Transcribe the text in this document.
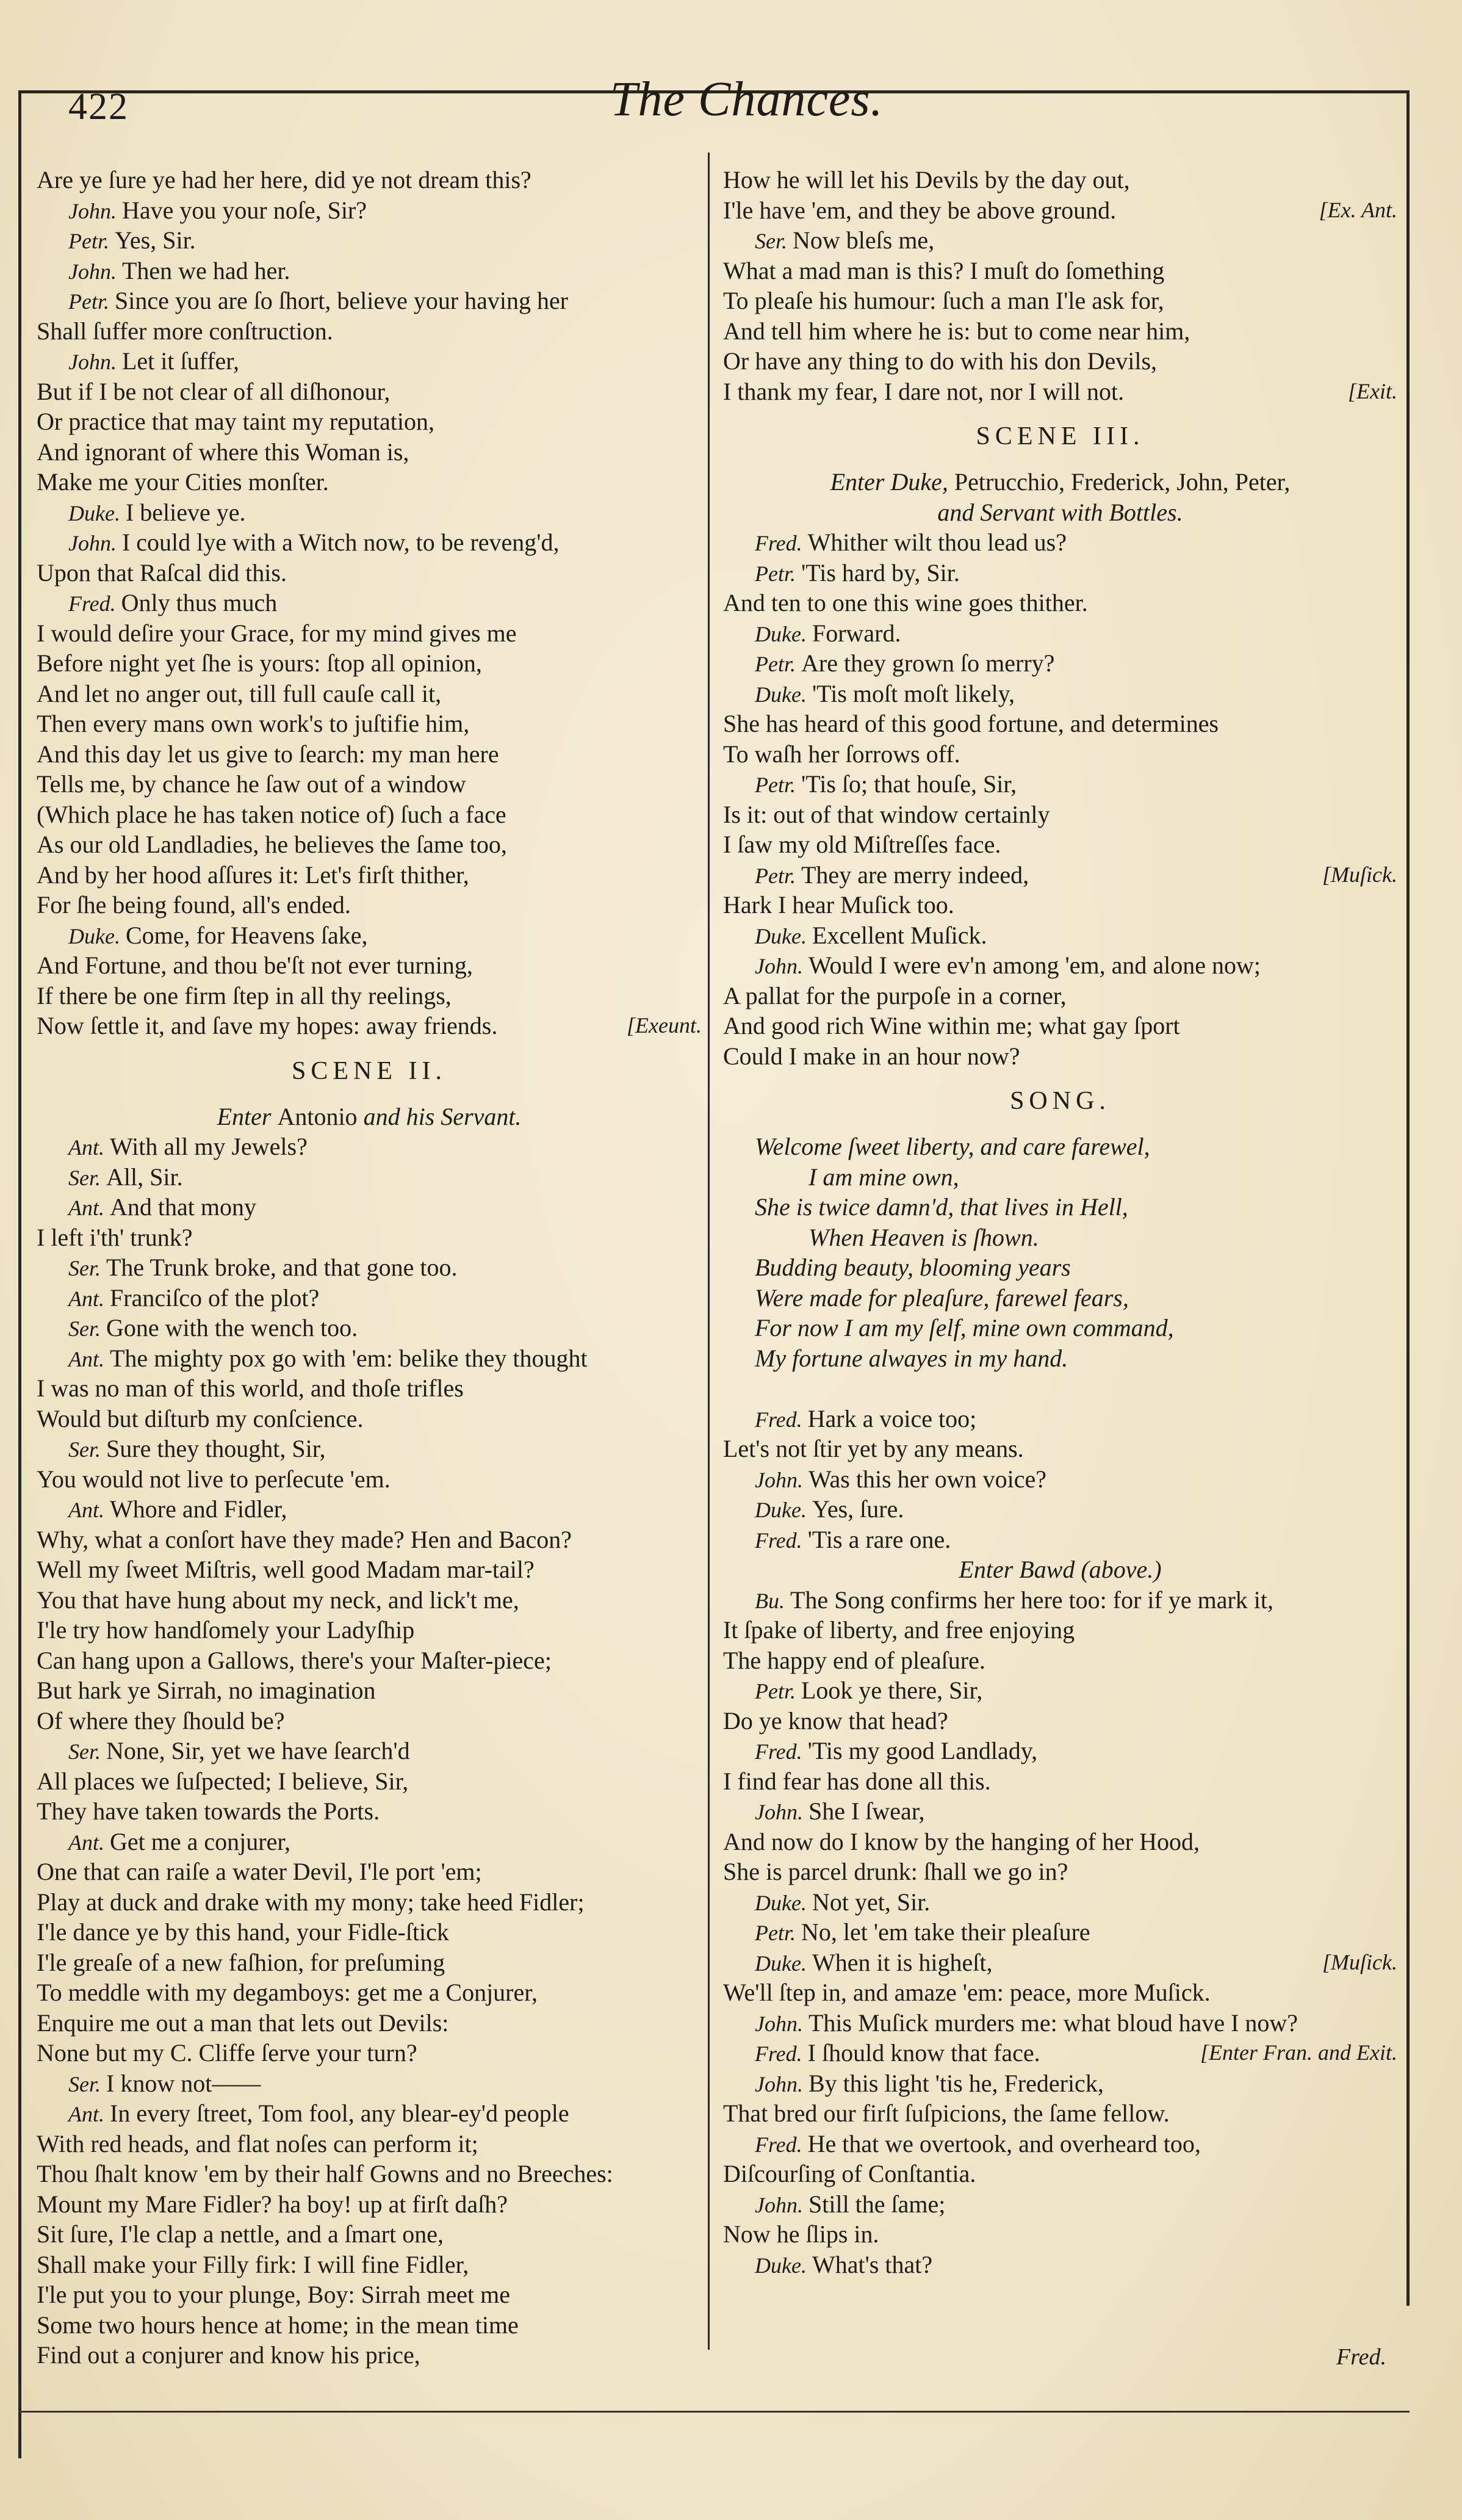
422	The Chances.
Are ye ſure ye had her here, did ye not dream this?
John. Have you your noſe, Sir?
Petr. Yes, Sir.
John. Then we had her.
Petr. Since you are ſo ſhort, believe your having her
Shall ſuffer more conſtruction.
John. Let it ſuffer,
But if I be not clear of all diſhonour,
Or practice that may taint my reputation,
And ignorant of where this Woman is,
Make me your Cities monſter.
Duke. I believe ye.
John. I could lye with a Witch now, to be reveng'd,
Upon that Raſcal did this.
Fred. Only thus much
I would deſire your Grace, for my mind gives me
Before night yet ſhe is yours: ſtop all opinion,
And let no anger out, till full cauſe call it,
Then every mans own work's to juſtifie him,
And this day let us give to ſearch: my man here
Tells me, by chance he ſaw out of a window
(Which place he has taken notice of) ſuch a face
As our old Landladies, he believes the ſame too,
And by her hood aſſures it: Let's firſt thither,
For ſhe being found, all's ended.
Duke. Come, for Heavens ſake,
And Fortune, and thou be'ſt not ever turning,
If there be one firm ſtep in all thy reelings,
Now ſettle it, and ſave my hopes: away friends.	[Exeunt.
SCENE II.
Enter Antonio and his Servant.
Ant. With all my Jewels?
Ser. All, Sir.
Ant. And that mony
I left i'th' trunk?
Ser. The Trunk broke, and that gone too.
Ant. Franciſco of the plot?
Ser. Gone with the wench too.
Ant. The mighty pox go with 'em: belike they thought
I was no man of this world, and thoſe trifles
Would but diſturb my conſcience.
Ser. Sure they thought, Sir,
You would not live to perſecute 'em.
Ant. Whore and Fidler,
Why, what a conſort have they made? Hen and Bacon?
Well my ſweet Miſtris, well good Madam mar-tail?
You that have hung about my neck, and lick't me,
I'le try how handſomely your Ladyſhip
Can hang upon a Gallows, there's your Maſter-piece;
But hark ye Sirrah, no imagination
Of where they ſhould be?
Ser. None, Sir, yet we have ſearch'd
All places we ſuſpected; I believe, Sir,
They have taken towards the Ports.
Ant. Get me a conjurer,
One that can raiſe a water Devil, I'le port 'em;
Play at duck and drake with my mony; take heed Fidler;
I'le dance ye by this hand, your Fidle-ſtick
I'le greaſe of a new faſhion, for preſuming
To meddle with my degamboys: get me a Conjurer,
Enquire me out a man that lets out Devils:
None but my C. Cliffe ſerve your turn?
Ser. I know not——
Ant. In every ſtreet, Tom fool, any blear-ey'd people
With red heads, and flat noſes can perform it;
Thou ſhalt know 'em by their half Gowns and no Breeches:
Mount my Mare Fidler? ha boy! up at firſt daſh?
Sit ſure, I'le clap a nettle, and a ſmart one,
Shall make your Filly firk: I will fine Fidler,
I'le put you to your plunge, Boy: Sirrah meet me
Some two hours hence at home; in the mean time
Find out a conjurer and know his price,
How he will let his Devils by the day out,
I'le have 'em, and they be above ground.	[Ex. Ant.
Ser. Now bleſs me,
What a mad man is this? I muſt do ſomething
To pleaſe his humour: ſuch a man I'le ask for,
And tell him where he is: but to come near him,
Or have any thing to do with his don Devils,
I thank my fear, I dare not, nor I will not.	[Exit.
SCENE III.
Enter Duke, Petrucchio, Frederick, John, Peter,
and Servant with Bottles.
Fred. Whither wilt thou lead us?
Petr. 'Tis hard by, Sir.
And ten to one this wine goes thither.
Duke. Forward.
Petr. Are they grown ſo merry?
Duke. 'Tis moſt moſt likely,
She has heard of this good fortune, and determines
To waſh her ſorrows off.
Petr. 'Tis ſo; that houſe, Sir,
Is it: out of that window certainly
I ſaw my old Miſtreſſes face.
Petr. They are merry indeed,	[Muſick.
Hark I hear Muſick too.
Duke. Excellent Muſick.
John. Would I were ev'n among 'em, and alone now;
A pallat for the purpoſe in a corner,
And good rich Wine within me; what gay ſport
Could I make in an hour now?
SONG.
Welcome ſweet liberty, and care farewel,
I am mine own,
She is twice damn'd, that lives in Hell,
When Heaven is ſhown.
Budding beauty, blooming years
Were made for pleaſure, farewel fears,
For now I am my ſelf, mine own command,
My fortune alwayes in my hand.
Fred. Hark a voice too;
Let's not ſtir yet by any means.
John. Was this her own voice?
Duke. Yes, ſure.
Fred. 'Tis a rare one.
Enter Bawd (above.)
Bu. The Song confirms her here too: for if ye mark it,
It ſpake of liberty, and free enjoying
The happy end of pleaſure.
Petr. Look ye there, Sir,
Do ye know that head?
Fred. 'Tis my good Landlady,
I find fear has done all this.
John. She I ſwear,
And now do I know by the hanging of her Hood,
She is parcel drunk: ſhall we go in?
Duke. Not yet, Sir.
Petr. No, let 'em take their pleaſure
Duke. When it is higheſt,	[Muſick.
We'll ſtep in, and amaze 'em: peace, more Muſick.
John. This Muſick murders me: what bloud have I now?
Fred. I ſhould know that face.	[Enter Fran. and Exit.
John. By this light 'tis he, Frederick,
That bred our firſt ſuſpicions, the ſame fellow.
Fred. He that we overtook, and overheard too,
Diſcourſing of Conſtantia.
John. Still the ſame;
Now he ſlips in.
Duke. What's that?
Fred.
